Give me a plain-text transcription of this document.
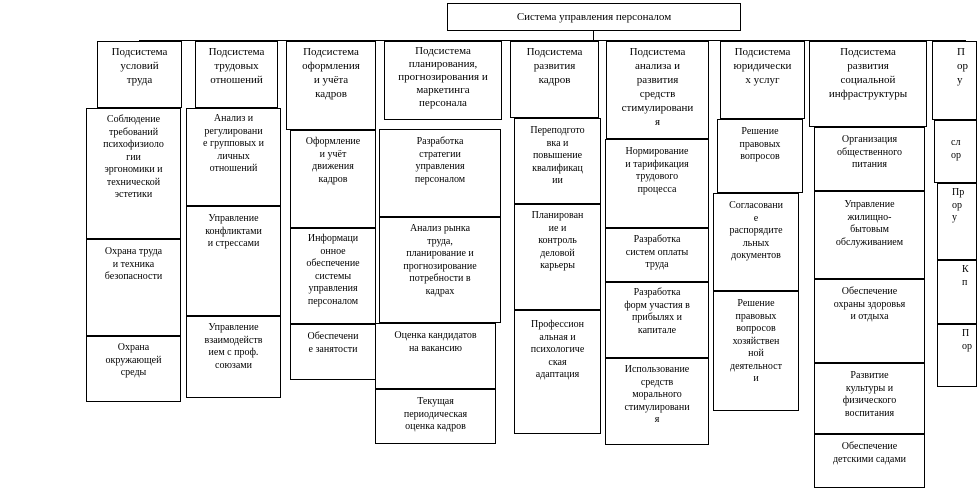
Система управления персоналом
Подсистема
условий
труда
Соблюдение
требований
психофизиоло
гии
эргономики и
технической
эстетики
Охрана труда
и техника
безопасности
Охрана
окружающей
среды
Подсистема
трудовых
отношений
Анализ и
регулировани
е групповых и
личных
отношений
Управление
конфликтами
и стрессами
Управление
взаимодейств
ием с проф.
союзами
Подсистема
оформления
и учёта
кадров
Оформление
и учёт
движения
кадров
Информаци
онное
обеспечение
системы
управления
персоналом
Обеспечени
е занятости
Подсистема
планирования,
прогнозирования и
маркетинга
персонала
Разработка
стратегии
управления
персоналом
Анализ рынка
труда,
планирование и
прогнозирование
потребности в
кадрах
Оценка кандидатов
на вакансию
Текущая
периодическая
оценка кадров
Подсистема
развития
кадров
Переподгото
вка и
повышение
квалификац
ии
Планирован
ие и
контроль
деловой
карьеры
Профессион
альная и
психологиче
ская
адаптация
Подсистема
анализа и
развития
средств
стимулировани
я
Нормирование
и тарификация
трудового
процесса
Разработка
систем оплаты
труда
Разработка
форм участия в
прибылях и
капитале
Использование
средств
морального
стимулировани
я
Подсистема
юридически
х услуг
Решение
правовых
вопросов
Согласовани
е
распорядите
льных
документов
Решение
правовых
вопросов
хозяйствен
ной
деятельност
и
Подсистема
развития
социальной
инфраструктуры
Организация
общественного
питания
Управление
жилищно-
бытовым
обслуживанием
Обеспечение
охраны здоровья
и отдыха
Развитие
культуры и
физического
воспитания
Обеспечение
детскими садами
П
ор
у
сл
ор
Пр
ор
у
К
п
П
ор
